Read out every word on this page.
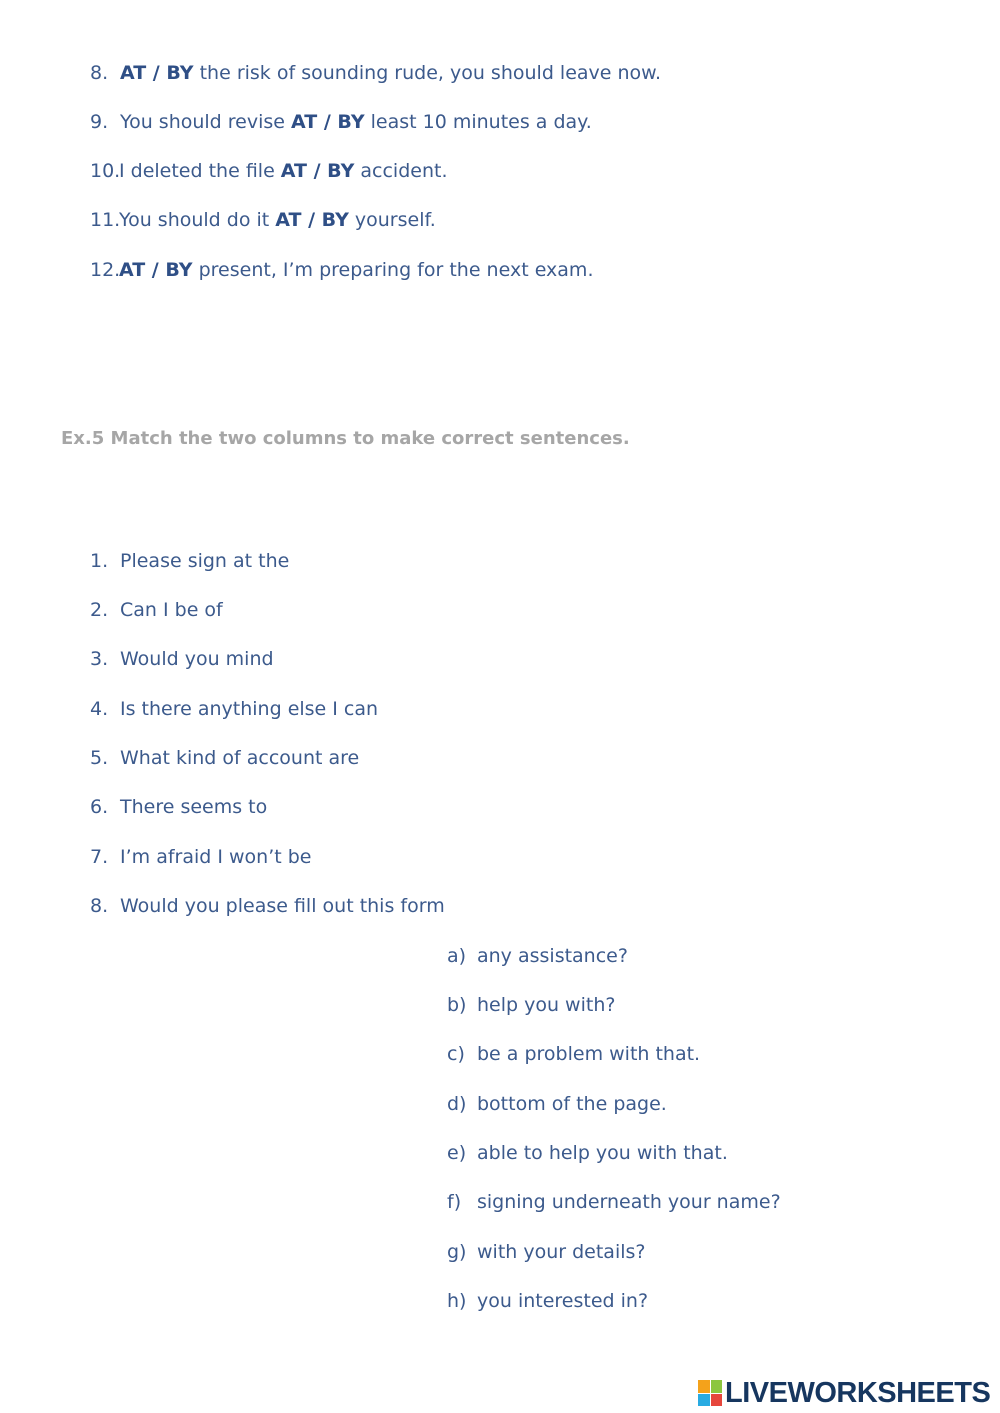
8. AT / BY the risk of sounding rude, you should leave now.
9. You should revise AT / BY least 10 minutes a day.
10.
I deleted the file AT / BY accident.
11.
You should do it AT / BY yourself.
12.
AT / BY present, I’m preparing for the next exam.
Ex.5 Match the two columns to make correct sentences.
1. Please sign at the
2. Can I be of
3. Would you mind
4. Is there anything else I can
5. What kind of account are
6. There seems to
7. I’m afraid I won’t be
8. Would you please fill out this form
a) any assistance?
b) help you with?
c) be a problem with that.
d) bottom of the page.
e) able to help you with that.
f) signing underneath your name?
g) with your details?
h) you interested in?
LIVEWORKSHEETS
